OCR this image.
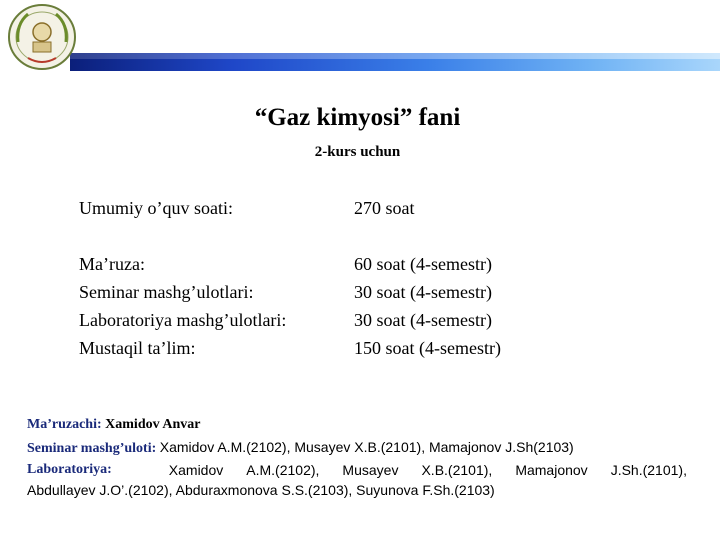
“Gaz kimyosi” fani
2-kurs uchun
Umumiy o’quv soati:	270 soat
Ma’ruza:	60 soat (4-semestr)
Seminar mashg’ulotlari:	30 soat (4-semestr)
Laboratoriya mashg’ulotlari:	30 soat (4-semestr)
Mustaqil ta’lim:	150 soat (4-semestr)
Ma’ruzachi: Xamidov Anvar
Seminar mashg’uloti: Xamidov A.M.(2102), Musayev X.B.(2101), Mamajonov J.Sh(2103)
Laboratoriya:	Xamidov A.M.(2102), Musayev X.B.(2101), Mamajonov J.Sh.(2101),
Abdullayev J.O’.(2102), Abduraxmonova S.S.(2103), Suyunova F.Sh.(2103)
